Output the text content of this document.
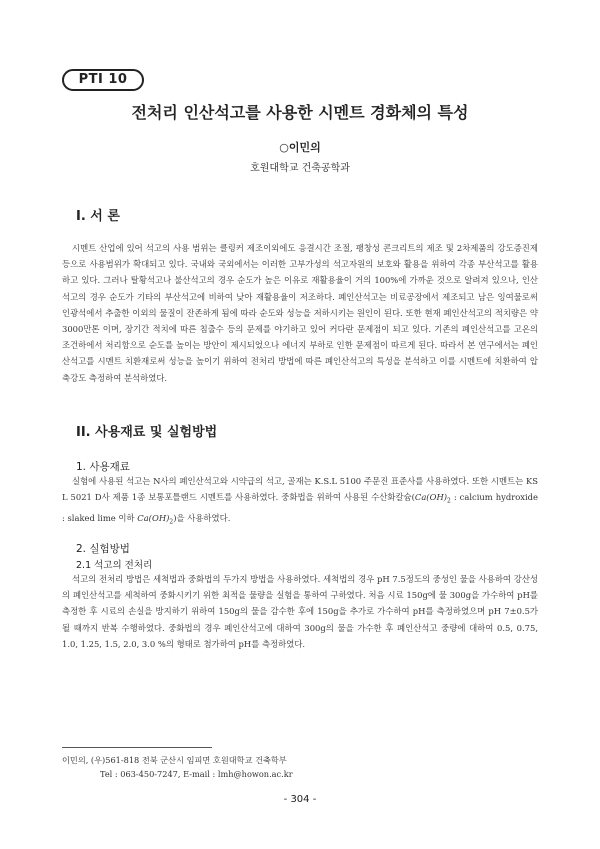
PTI 10
전처리 인산석고를 사용한 시멘트 경화체의 특성
○이민의
호원대학교 건축공학과
I. 서 론

시멘트 산업에 있어 석고의 사용 범위는 클링커 제조이외에도 응결시간 조절, 팽창성 콘크리트의 제조 및 2차제품의 강도증진제 등으로 사용범위가 확대되고 있다. 국내와 국외에서는 이러한 고부가성의 석고자원의 보호와 활용을 위하여 각종 부산석고를 활용하고 있다. 그러나 탈황석고나 불산석고의 경우 순도가 높은 이유로 재활용율이 거의 100%에 가까운 것으로 알려져 있으나, 인산석고의 경우 순도가 기타의 부산석고에 비하여 낮아 재활용율이 저조하다. 폐인산석고는 비료공장에서 제조되고 남은 잉여물로써 인광석에서 추출한 이외의 물질이 잔존하게 됨에 따라 순도와 성능을 저하시키는 원인이 된다. 또한 현재 폐인산석고의 적치량은 약 3000만톤 이며, 장기간 적치에 따른 침출수 등의 문제를 야기하고 있어 커다란 문제점이 되고 있다. 기존의 폐인산석고를 고온의 조건하에서 처리함으로 순도를 높이는 방안이 제시되었으나 에너지 부하로 인한 문제점이 따르게 된다. 따라서 본 연구에서는 폐인산석고를 시멘트 치환재로써 성능을 높이기 위하여 전처리 방법에 따른 폐인산석고의 특성을 분석하고 이를 시멘트에 치환하여 압축강도 측정하여 분석하였다.

II. 사용재료 및 실험방법
1. 사용재료

실험에 사용된 석고는 N사의 폐인산석고와 시약급의 석고, 골재는 K.S.L 5100 주문진 표준사를 사용하였다. 또한 시멘트는 KS L 5021 D사 제품 1종 보통포틀랜드 시멘트를 사용하였다. 중화법을 위하여 사용된 수산화칼슘($Ca(OH)_2$ : calcium hydroxide : slaked lime 이하 $Ca(OH)_2$)을 사용하였다.

2. 실험방법
2.1 석고의 전처리

석고의 전처리 방법은 세척법과 중화법의 두가지 방법을 사용하였다. 세척법의 경우 pH 7.5정도의 중성인 물을 사용하여 강산성의 폐인산석고를 세척하여 중화시키기 위한 최적을 물량을 실험을 통하여 구하였다. 처음 시료 150g에 물 300g을 가수하여 pH를 측정한 후 시료의 손실을 방지하기 위하여 150g의 물을 감수한 후에 150g을 추가로 가수하여 pH를 측정하였으며 pH 7±0.5가 될 때까지 반복 수행하였다. 중화법의 경우 폐인산석고에 대하여 300g의 물을 가수한 후 폐인산석고 중량에 대하여 0.5, 0.75, 1.0, 1.25, 1.5, 2.0, 3.0 %의 형태로 첨가하여 pH를 측정하였다.

이민의, (우)561-818 전북 군산시 임피면 호원대학교 건축학부
Tel : 063-450-7247, E-mail : lmh@howon.ac.kr
- 304 -
